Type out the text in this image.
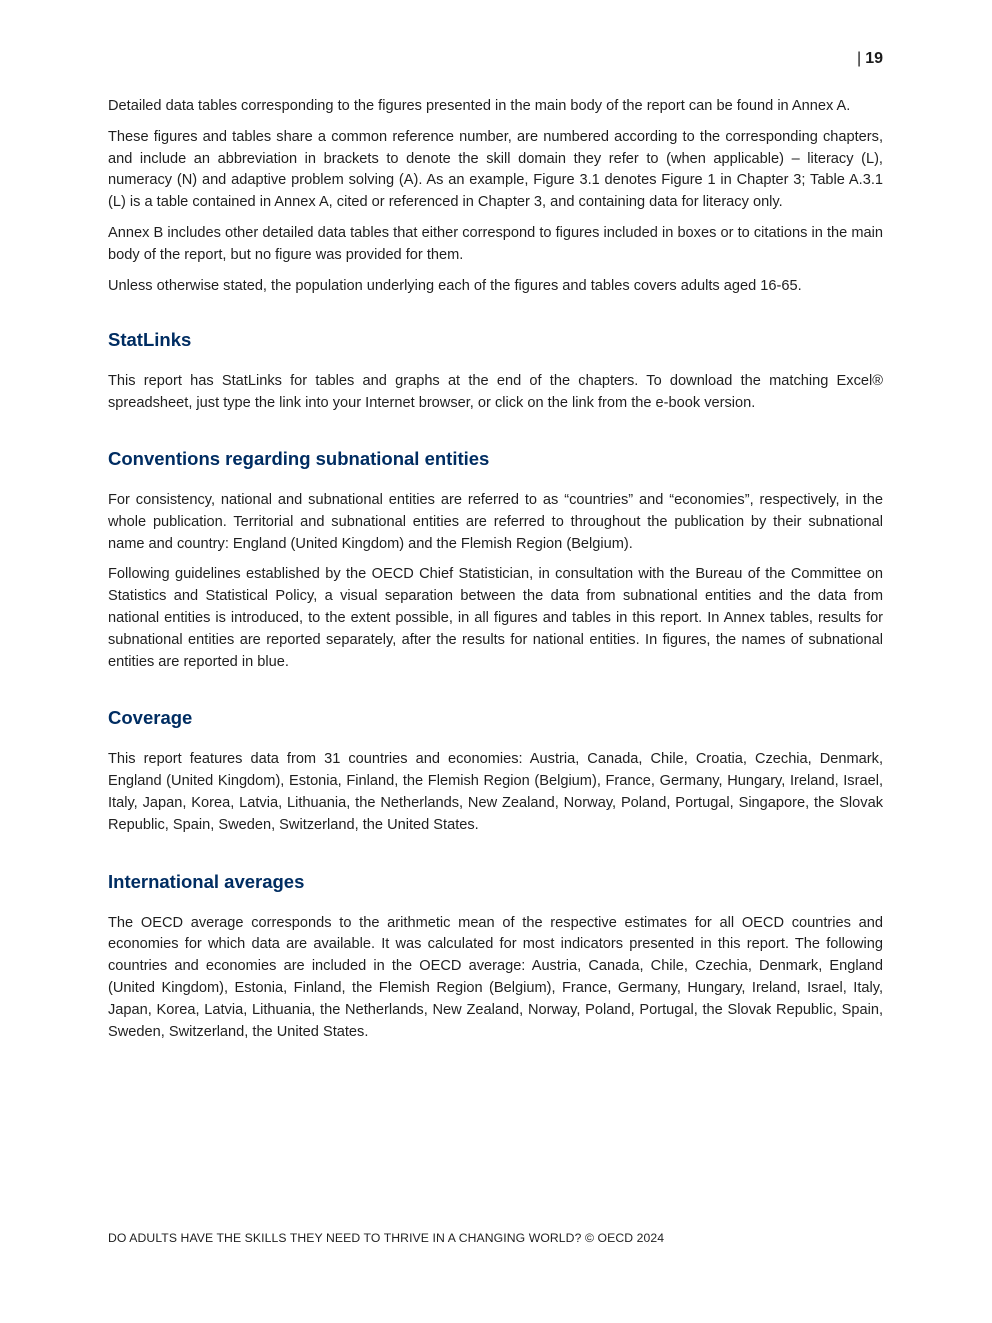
| 19

Detailed data tables corresponding to the figures presented in the main body of the report can be found in Annex A.

These figures and tables share a common reference number, are numbered according to the corresponding chapters, and include an abbreviation in brackets to denote the skill domain they refer to (when applicable) – literacy (L), numeracy (N) and adaptive problem solving (A). As an example, Figure 3.1 denotes Figure 1 in Chapter 3; Table A.3.1 (L) is a table contained in Annex A, cited or referenced in Chapter 3, and containing data for literacy only.

Annex B includes other detailed data tables that either correspond to figures included in boxes or to citations in the main body of the report, but no figure was provided for them.

Unless otherwise stated, the population underlying each of the figures and tables covers adults aged 16-65.

StatLinks

This report has StatLinks for tables and graphs at the end of the chapters. To download the matching Excel® spreadsheet, just type the link into your Internet browser, or click on the link from the e-book version.

Conventions regarding subnational entities

For consistency, national and subnational entities are referred to as “countries” and “economies”, respectively, in the whole publication. Territorial and subnational entities are referred to throughout the publication by their subnational name and country: England (United Kingdom) and the Flemish Region (Belgium).

Following guidelines established by the OECD Chief Statistician, in consultation with the Bureau of the Committee on Statistics and Statistical Policy, a visual separation between the data from subnational entities and the data from national entities is introduced, to the extent possible, in all figures and tables in this report. In Annex tables, results for subnational entities are reported separately, after the results for national entities. In figures, the names of subnational entities are reported in blue.

Coverage

This report features data from 31 countries and economies: Austria, Canada, Chile, Croatia, Czechia, Denmark, England (United Kingdom), Estonia, Finland, the Flemish Region (Belgium), France, Germany, Hungary, Ireland, Israel, Italy, Japan, Korea, Latvia, Lithuania, the Netherlands, New Zealand, Norway, Poland, Portugal, Singapore, the Slovak Republic, Spain, Sweden, Switzerland, the United States.

International averages

The OECD average corresponds to the arithmetic mean of the respective estimates for all OECD countries and economies for which data are available. It was calculated for most indicators presented in this report. The following countries and economies are included in the OECD average: Austria, Canada, Chile, Czechia, Denmark, England (United Kingdom), Estonia, Finland, the Flemish Region (Belgium), France, Germany, Hungary, Ireland, Israel, Italy, Japan, Korea, Latvia, Lithuania, the Netherlands, New Zealand, Norway, Poland, Portugal, the Slovak Republic, Spain, Sweden, Switzerland, the United States.

DO ADULTS HAVE THE SKILLS THEY NEED TO THRIVE IN A CHANGING WORLD? © OECD 2024
